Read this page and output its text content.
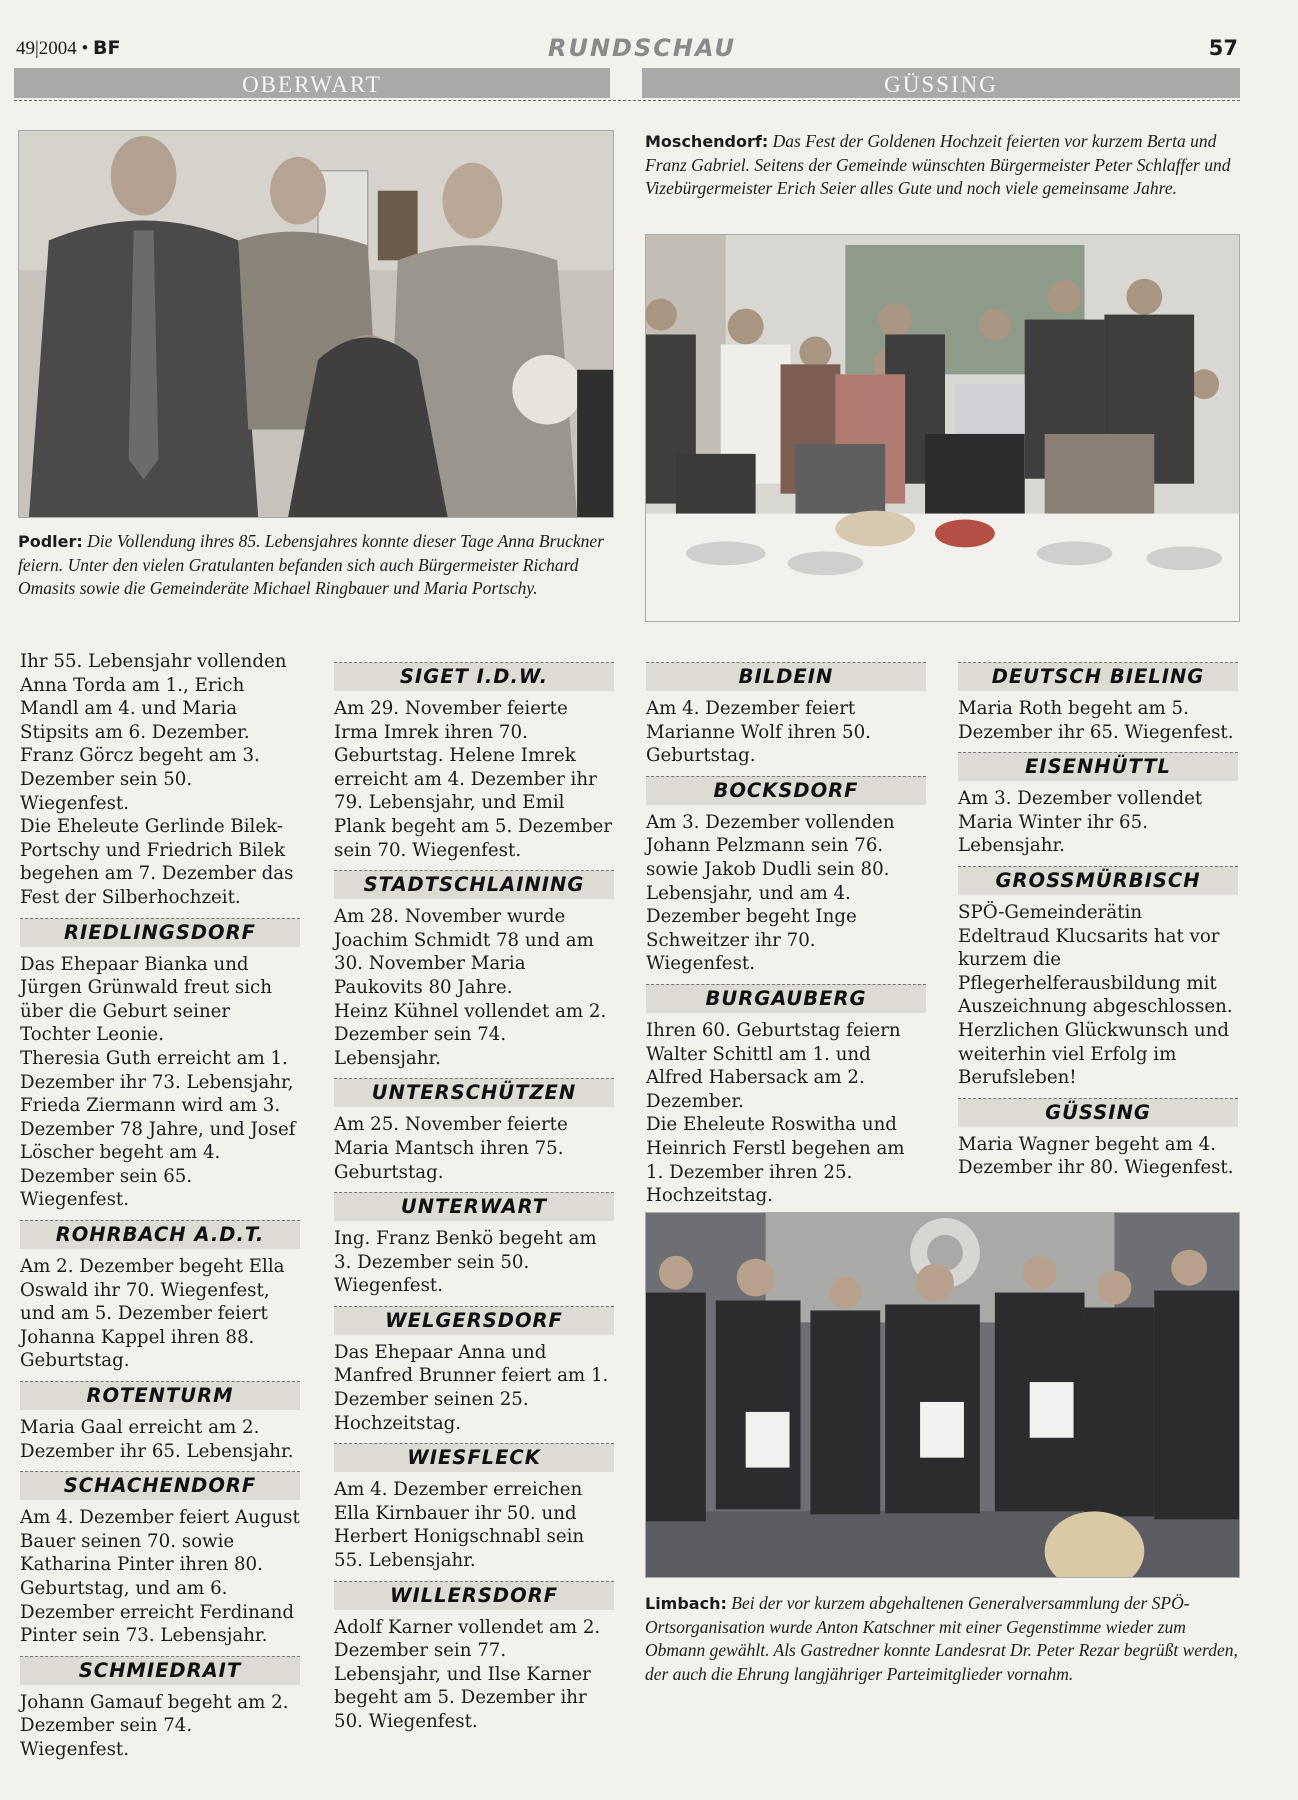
49|2004 • BF	RUNDSCHAU	57
OBERWART	GÜSSING

Podler: Die Vollendung ihres 85. Lebensjahres konnte dieser Tage Anna Bruckner feiern. Unter den vielen Gratulanten befanden sich auch Bürgermeister Richard Omasits sowie die Gemeinderäte Michael Ringbauer und Maria Portschy.

Moschendorf: Das Fest der Goldenen Hochzeit feierten vor kurzem Berta und Franz Gabriel. Seitens der Gemeinde wünschten Bürgermeister Peter Schlaffer und Vizebürgermeister Erich Seier alles Gute und noch viele gemeinsame Jahre.

Limbach: Bei der vor kurzem abgehaltenen Generalversammlung der SPÖ-Ortsorganisation wurde Anton Katschner mit einer Gegenstimme wieder zum Obmann gewählt. Als Gastredner konnte Landesrat Dr. Peter Rezar begrüßt werden, der auch die Ehrung langjähriger Parteimitglieder vornahm.

Ihr 55. Lebensjahr vollenden Anna Torda am 1., Erich Mandl am 4. und Maria Stipsits am 6. Dezember. Franz Görcz begeht am 3. Dezember sein 50. Wiegenfest.

Die Eheleute Gerlinde Bilek-Portschy und Friedrich Bilek begehen am 7. Dezember das Fest der Silberhochzeit.

RIEDLINGSDORF

Das Ehepaar Bianka und Jürgen Grünwald freut sich über die Geburt seiner Tochter Leonie.

Theresia Guth erreicht am 1. Dezember ihr 73. Lebensjahr, Frieda Ziermann wird am 3. Dezember 78 Jahre, und Josef Löscher begeht am 4. Dezember sein 65. Wiegenfest.

ROHRBACH A.D.T.

Am 2. Dezember begeht Ella Oswald ihr 70. Wiegenfest, und am 5. Dezember feiert Johanna Kappel ihren 88. Geburtstag.

ROTENTURM

Maria Gaal erreicht am 2. Dezember ihr 65. Lebensjahr.

SCHACHENDORF

Am 4. Dezember feiert August Bauer seinen 70. sowie Katharina Pinter ihren 80. Geburtstag, und am 6. Dezember erreicht Ferdinand Pinter sein 73. Lebensjahr.

SCHMIEDRAIT

Johann Gamauf begeht am 2. Dezember sein 74. Wiegenfest.

SIGET I.D.W.

Am 29. November feierte Irma Imrek ihren 70. Geburtstag. Helene Imrek erreicht am 4. Dezember ihr 79. Lebensjahr, und Emil Plank begeht am 5. Dezember sein 70. Wiegenfest.

STADTSCHLAINING

Am 28. November wurde Joachim Schmidt 78 und am 30. November Maria Paukovits 80 Jahre.

Heinz Kühnel vollendet am 2. Dezember sein 74. Lebensjahr.

UNTERSCHÜTZEN

Am 25. November feierte Maria Mantsch ihren 75. Geburtstag.

UNTERWART

Ing. Franz Benkö begeht am 3. Dezember sein 50. Wiegenfest.

WELGERSDORF

Das Ehepaar Anna und Manfred Brunner feiert am 1. Dezember seinen 25. Hochzeitstag.

WIESFLECK

Am 4. Dezember erreichen Ella Kirnbauer ihr 50. und Herbert Honigschnabl sein 55. Lebensjahr.

WILLERSDORF

Adolf Karner vollendet am 2. Dezember sein 77. Lebensjahr, und Ilse Karner begeht am 5. Dezember ihr 50. Wiegenfest.

BILDEIN

Am 4. Dezember feiert Marianne Wolf ihren 50. Geburtstag.

BOCKSDORF

Am 3. Dezember vollenden Johann Pelzmann sein 76. sowie Jakob Dudli sein 80. Lebensjahr, und am 4. Dezember begeht Inge Schweitzer ihr 70. Wiegenfest.

BURGAUBERG

Ihren 60. Geburtstag feiern Walter Schittl am 1. und Alfred Habersack am 2. Dezember.

Die Eheleute Roswitha und Heinrich Ferstl begehen am 1. Dezember ihren 25. Hochzeitstag.

DEUTSCH BIELING

Maria Roth begeht am 5. Dezember ihr 65. Wiegenfest.

EISENHÜTTL

Am 3. Dezember vollendet Maria Winter ihr 65. Lebensjahr.

GROSSMÜRBISCH

SPÖ-Gemeinderätin Edeltraud Klucsarits hat vor kurzem die Pflegerhelferausbildung mit Auszeichnung abgeschlossen. Herzlichen Glückwunsch und weiterhin viel Erfolg im Berufsleben!

GÜSSING

Maria Wagner begeht am 4. Dezember ihr 80. Wiegenfest.
